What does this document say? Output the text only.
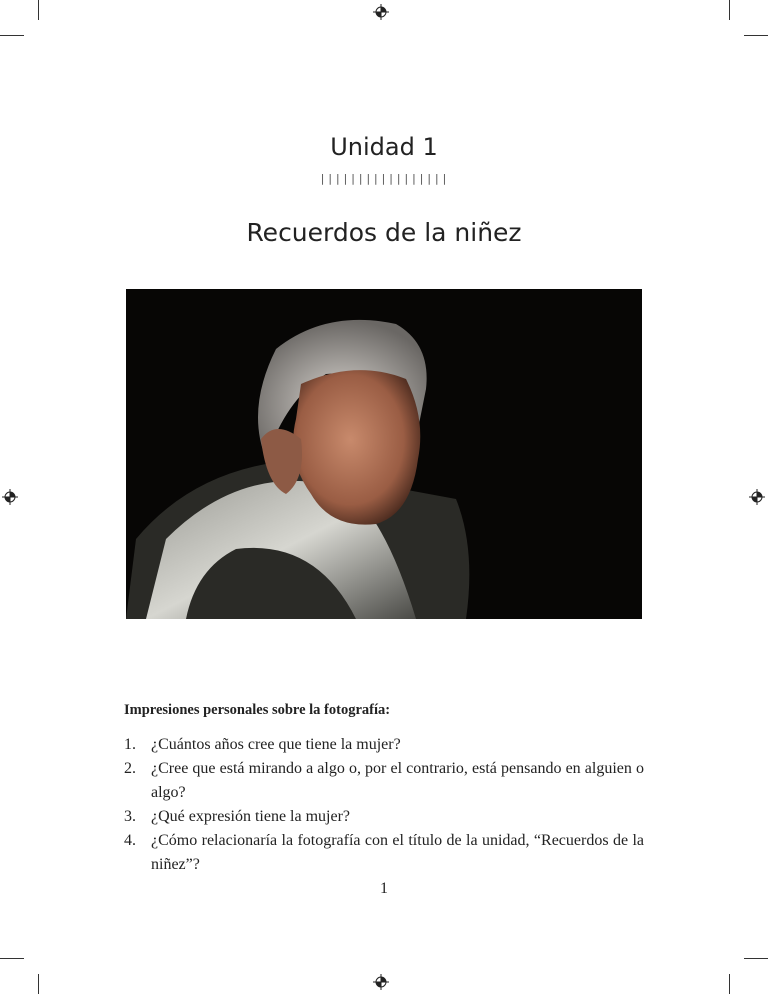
Unidad 1
|||||||||||||||||
Recuerdos de la niñez
Impresiones personales sobre la fotografía:
1. ¿Cuántos años cree que tiene la mujer?
2. ¿Cree que está mirando a algo o, por el contrario, está pensando en alguien o algo?
3. ¿Qué expresión tiene la mujer?
4. ¿Cómo relacionaría la fotografía con el título de la unidad, “Recuerdos de la niñez”?
1
